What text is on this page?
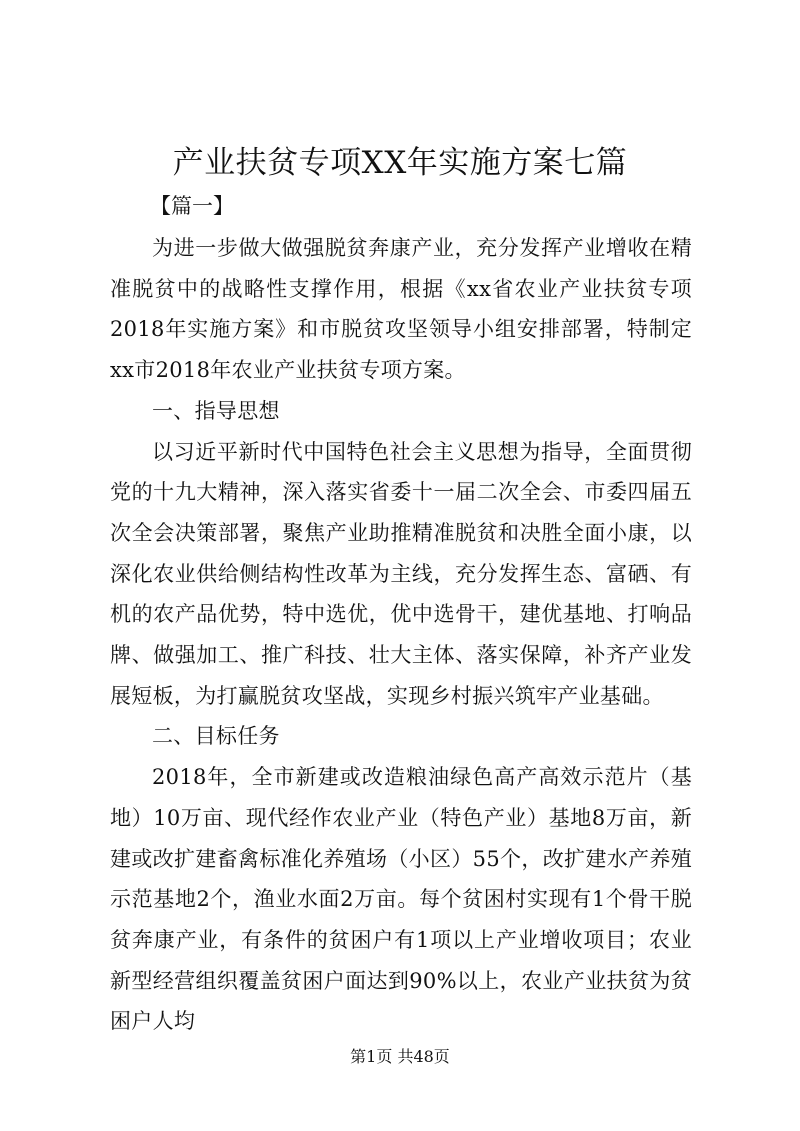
产业扶贫专项XX年实施方案七篇

【篇一】

为进一步做大做强脱贫奔康产业，充分发挥产业增收在精准脱贫中的战略性支撑作用，根据《xx省农业产业扶贫专项2018年实施方案》和市脱贫攻坚领导小组安排部署，特制定xx市2018年农业产业扶贫专项方案。

一、指导思想

以习近平新时代中国特色社会主义思想为指导，全面贯彻党的十九大精神，深入落实省委十一届二次全会、市委四届五次全会决策部署，聚焦产业助推精准脱贫和决胜全面小康，以深化农业供给侧结构性改革为主线，充分发挥生态、富硒、有机的农产品优势，特中选优，优中选骨干，建优基地、打响品牌、做强加工、推广科技、壮大主体、落实保障，补齐产业发展短板，为打赢脱贫攻坚战，实现乡村振兴筑牢产业基础。

二、目标任务

2018年，全市新建或改造粮油绿色高产高效示范片（基地）10万亩、现代经作农业产业（特色产业）基地8万亩，新建或改扩建畜禽标准化养殖场（小区）55个，改扩建水产养殖示范基地2个，渔业水面2万亩。每个贫困村实现有1个骨干脱贫奔康产业，有条件的贫困户有1项以上产业增收项目；农业新型经营组织覆盖贫困户面达到90%以上，农业产业扶贫为贫困户人均

第1页 共48页
